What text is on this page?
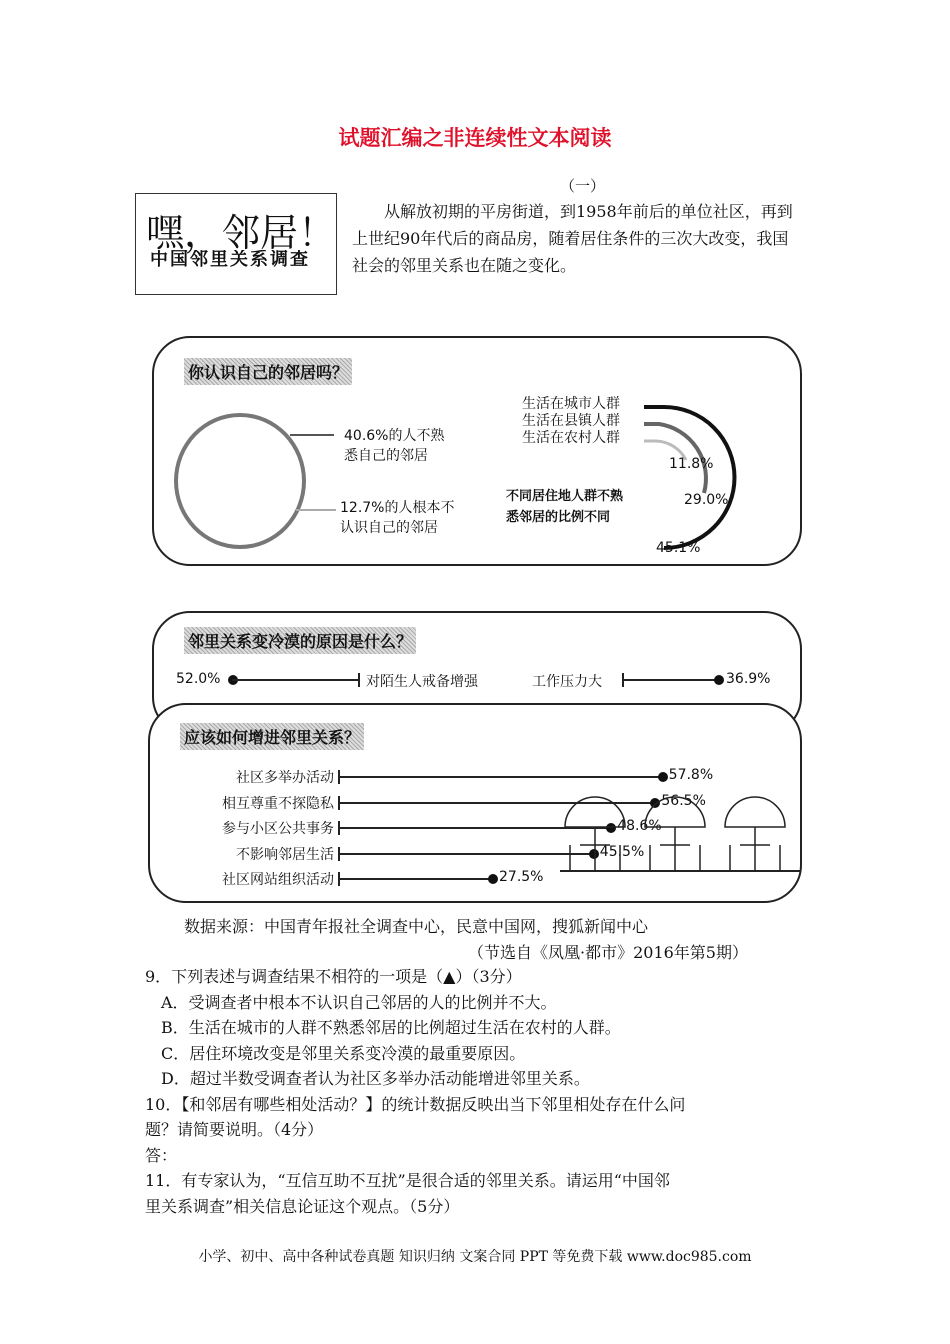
试题汇编之非连续性文本阅读
（一）
嘿，邻居！
中国邻里关系调查
从解放初期的平房街道，到1958年前后的单位社区，再到上世纪90年代后的商品房，随着居住条件的三次大改变，我国社会的邻里关系也在随之变化。
你认识自己的邻居吗？
40.6%的人不熟
悉自己的邻居
12.7%的人根本不
认识自己的邻居
生活在城市人群
生活在县镇人群
生活在农村人群
11.8%
29.0%
45.1%
不同居住地人群不熟
悉邻居的比例不同
邻里关系变冷漠的原因是什么？
52.0%	对陌生人戒备增强	工作压力大	36.9%
应该如何增进邻里关系？
社区多举办活动	57.8%
相互尊重不探隐私	56.5%
参与小区公共事务	48.6%
不影响邻居生活	45.5%
社区网站组织活动	27.5%
数据来源：中国青年报社全调查中心，民意中国网，搜狐新闻中心
（节选自《凤凰·都市》2016年第5期）
9．下列表述与调查结果不相符的一项是（▲）（3分）
A．受调查者中根本不认识自己邻居的人的比例并不大。
B．生活在城市的人群不熟悉邻居的比例超过生活在农村的人群。
C．居住环境改变是邻里关系变冷漠的最重要原因。
D．超过半数受调查者认为社区多举办活动能增进邻里关系。
10．【和邻居有哪些相处活动？】的统计数据反映出当下邻里相处存在什么问
题？请简要说明。（4分）
答：
11．有专家认为，“互信互助不互扰”是很合适的邻里关系。请运用“中国邻
里关系调查”相关信息论证这个观点。（5分）
小学、初中、高中各种试卷真题 知识归纳 文案合同 PPT 等免费下载 www.doc985.com
